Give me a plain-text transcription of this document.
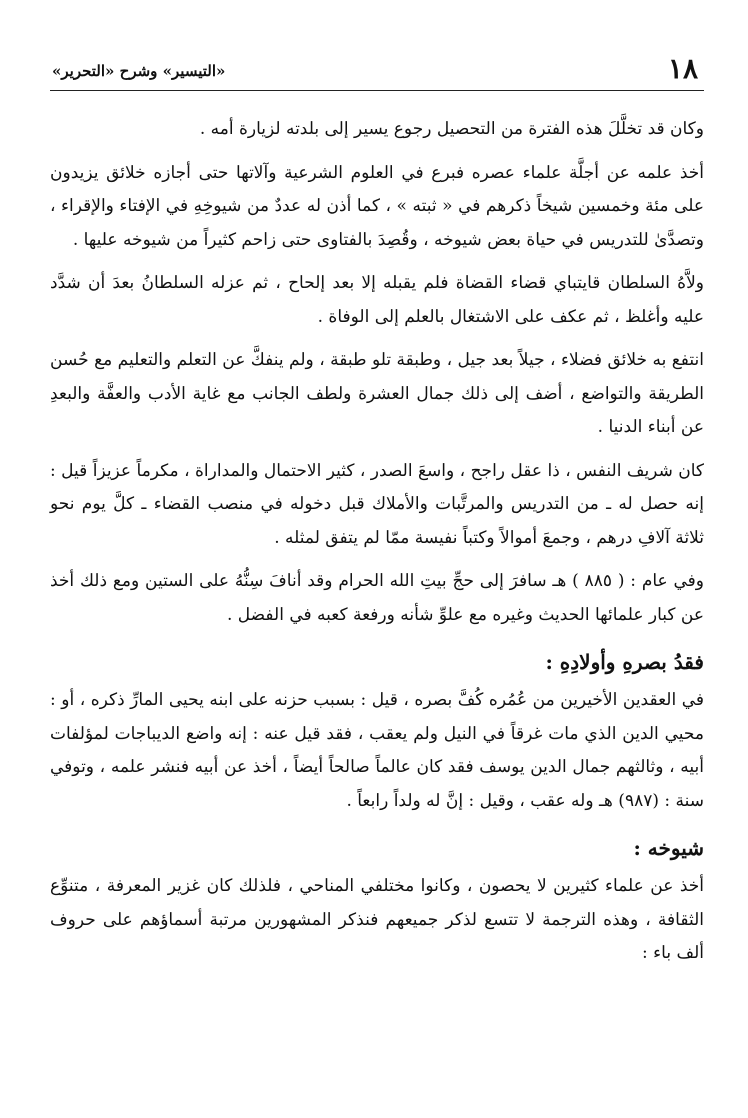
١٨
«التيسير» وشرح «التحرير»

وكان قد تخلَّلَ هذه الفترة من التحصيل رجوع يسير إلى بلدته لزيارة أمه .

أخذ علمه عن أجلَّة علماء عصره فبرع في العلوم الشرعية وآلاتها حتى أجازه خلائق يزيدون على مئة وخمسين شيخاً ذكرهم في « ثبته » ، كما أذن له عددٌ من شيوخِهِ في الإفتاء والإقراء ، وتصدَّىٰ للتدريس في حياة بعض شيوخه ، وقُصِدَ بالفتاوى حتى زاحم كثيراً من شيوخه عليها .

ولاَّهُ السلطان قايتباي قضاء القضاة فلم يقبله إلا بعد إلحاح ، ثم عزله السلطانُ بعدَ أن شدَّد عليه وأغلظ ، ثم عكف على الاشتغال بالعلم إلى الوفاة .

انتفع به خلائق فضلاء ، جيلاً بعد جيل ، وطبقة تلو طبقة ، ولم ينفكَّ عن التعلم والتعليم مع حُسن الطريقة والتواضع ، أضف إلى ذلك جمال العشرة ولطف الجانب مع غاية الأدب والعفَّة والبعدِ عن أبناء الدنيا .

كان شريف النفس ، ذا عقل راجح ، واسعَ الصدر ، كثير الاحتمال والمداراة ، مكرماً عزيزاً قيل : إنه حصل له ـ من التدريس والمرتَّبات والأملاك قبل دخوله في منصب القضاء ـ كلَّ يوم نحو ثلاثة آلافِ درهم ، وجمعَ أموالاً وكتباً نفيسة ممّا لم يتفق لمثله .

وفي عام : ( ٨٨٥ ) هـ سافرَ إلى حجِّ بيتِ الله الحرام وقد أنافَ سِنُّهُ على الستين ومع ذلك أخذ عن كبار علمائها الحديث وغيره مع علوِّ شأنه ورفعة كعبه في الفضل .

فقدُ بصرهِ وأولادِهِ :

في العقدين الأخيرين من عُمُره كُفَّ بصره ، قيل : بسبب حزنه على ابنه يحيى المارِّ ذكره ، أو : محيي الدين الذي مات غرقاً في النيل ولم يعقب ، فقد قيل عنه : إنه واضع الديباجات لمؤلفات أبيه ، وثالثهم جمال الدين يوسف فقد كان عالماً صالحاً أيضاً ، أخذ عن أبيه فنشر علمه ، وتوفي سنة : (٩٨٧) هـ وله عقب ، وقيل : إنَّ له ولداً رابعاً .

شيوخه :

أخذ عن علماء كثيرين لا يحصون ، وكانوا مختلفي المناحي ، فلذلك كان غزير المعرفة ، متنوِّع الثقافة ، وهذه الترجمة لا تتسع لذكر جميعهم فنذكر المشهورين مرتبة أسماؤهم على حروف ألف باء :
